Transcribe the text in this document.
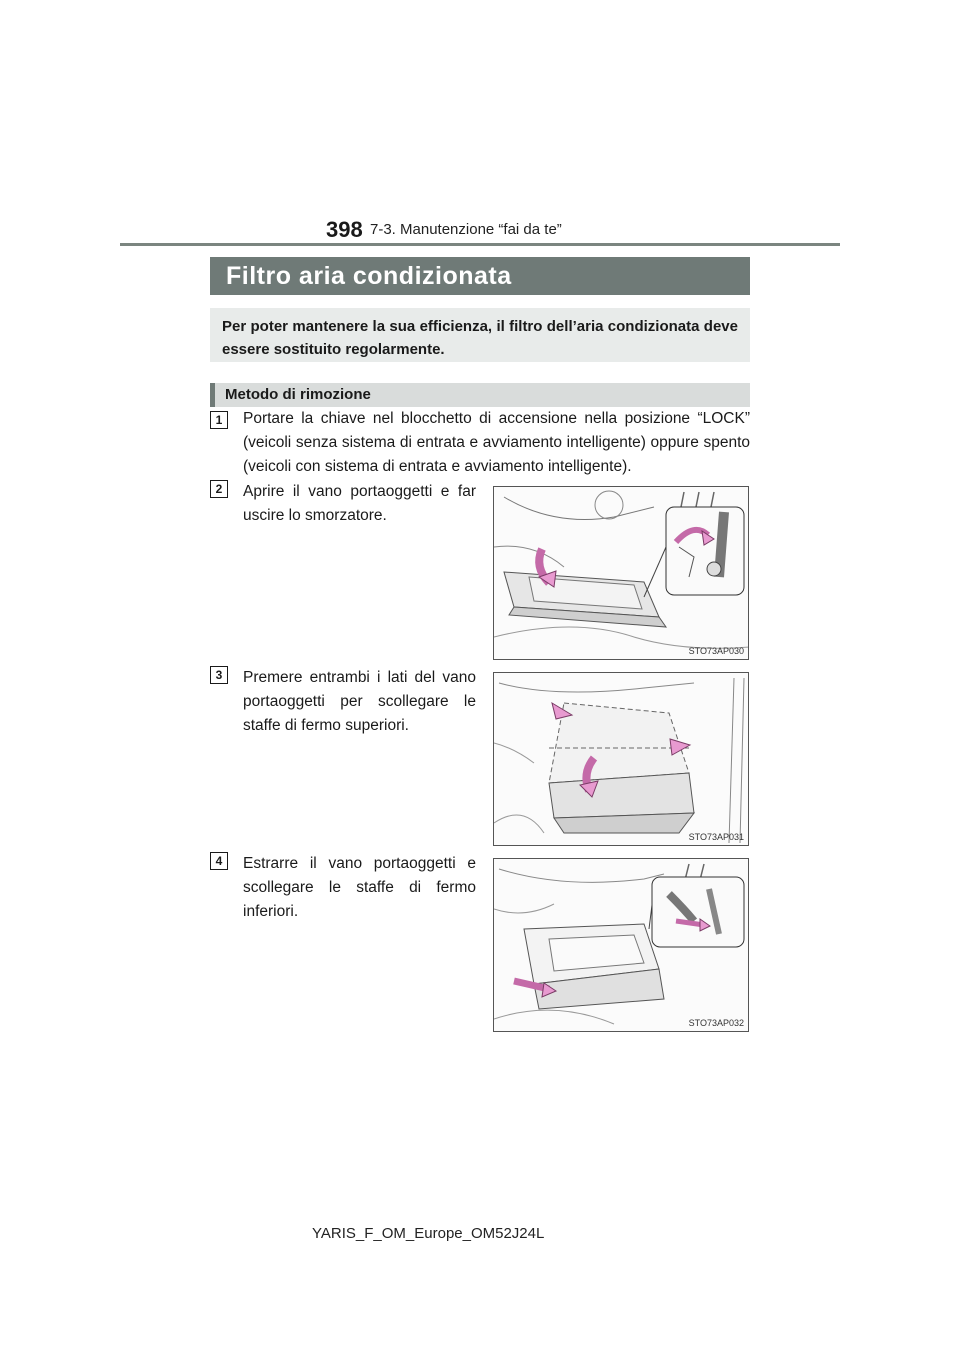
398 7-3. Manutenzione “fai da te”
Filtro aria condizionata
Per poter mantenere la sua efficienza, il filtro dell’aria condizionata deve essere sostituito regolarmente.
Metodo di rimozione
1	Portare la chiave nel blocchetto di accensione nella posizione “LOCK” (veicoli senza sistema di entrata e avviamento intelligente) oppure spento (veicoli con sistema di entrata e avviamento intelligente).
2	Aprire il vano portaoggetti e far uscire lo smorzatore.
STO73AP030
3	Premere entrambi i lati del vano portaoggetti per scollegare le staffe di fermo superiori.
STO73AP031
4	Estrarre il vano portaoggetti e scollegare le staffe di fermo inferiori.
STO73AP032
YARIS_F_OM_Europe_OM52J24L
